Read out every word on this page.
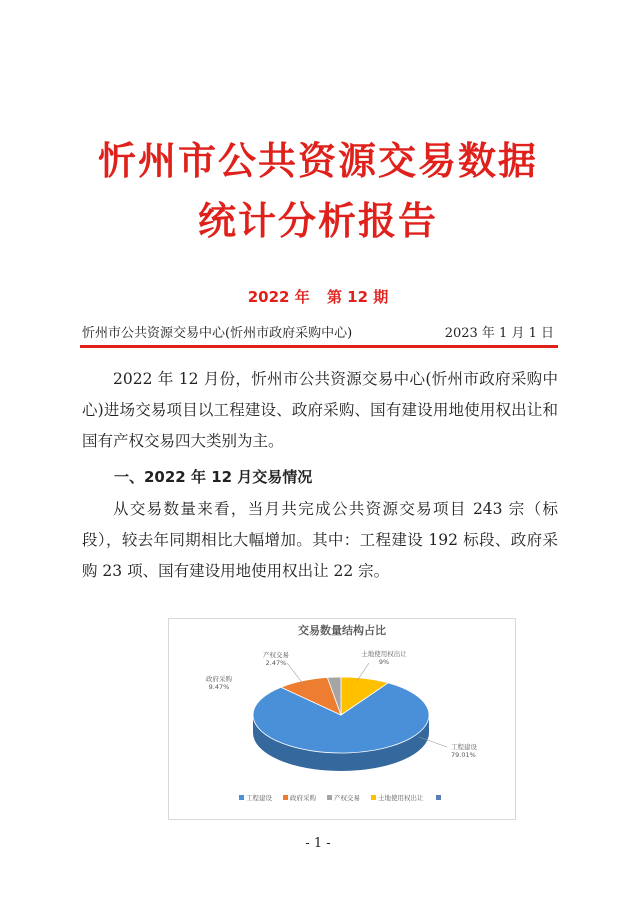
忻州市公共资源交易数据
统计分析报告
2022 年 第 12 期
忻州市公共资源交易中心(忻州市政府采购中心)	2023 年 1 月 1 日
2022 年 12 月份，忻州市公共资源交易中心(忻州市政府采购中心)进场交易项目以工程建设、政府采购、国有建设用地使用权出让和国有产权交易四大类别为主。
一、2022 年 12 月交易情况
从交易数量来看，当月共完成公共资源交易项目 243 宗（标段），较去年同期相比大幅增加。其中：工程建设 192 标段、政府采购 23 项、国有建设用地使用权出让 22 宗。
交易数量结构占比
工程建设
79.01%
政府采购
9.47%
产权交易
2.47%
土地使用权出让
9%
工程建设	政府采购	产权交易	土地使用权出让
- 1 -
